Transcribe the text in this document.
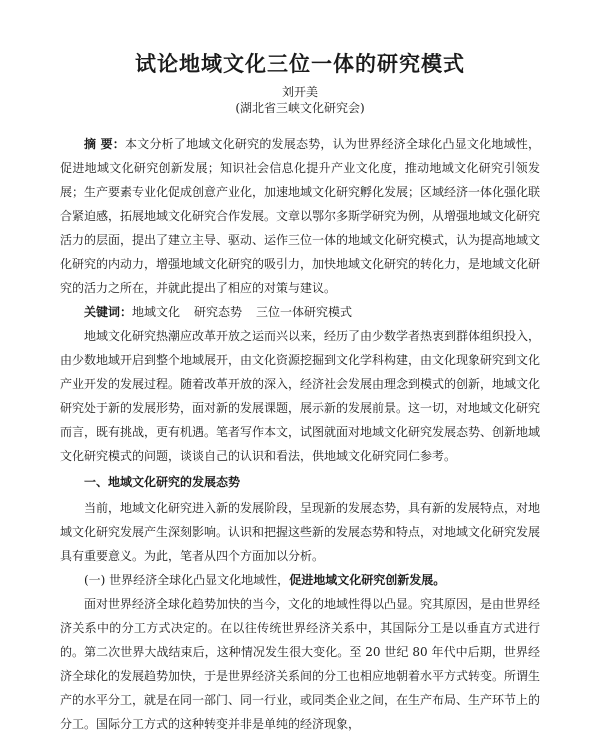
试论地域文化三位一体的研究模式

刘开美

(湖北省三峡文化研究会)

摘 要：本文分析了地域文化研究的发展态势，认为世界经济全球化凸显文化地域性，促进地域文化研究创新发展；知识社会信息化提升产业文化度，推动地域文化研究引领发展；生产要素专业化促成创意产业化，加速地域文化研究孵化发展；区域经济一体化强化联合紧迫感，拓展地域文化研究合作发展。文章以鄂尔多斯学研究为例，从增强地域文化研究活力的层面，提出了建立主导、驱动、运作三位一体的地域文化研究模式，认为提高地域文化研究的内动力，增强地域文化研究的吸引力，加快地域文化研究的转化力，是地域文化研究的活力之所在，并就此提出了相应的对策与建议。

关键词：地域文化 研究态势 三位一体研究模式

地域文化研究热潮应改革开放之运而兴以来，经历了由少数学者热衷到群体组织投入，由少数地域开启到整个地域展开，由文化资源挖掘到文化学科构建，由文化现象研究到文化产业开发的发展过程。随着改革开放的深入，经济社会发展由理念到模式的创新，地域文化研究处于新的发展形势，面对新的发展课题，展示新的发展前景。这一切，对地域文化研究而言，既有挑战，更有机遇。笔者写作本文，试图就面对地域文化研究发展态势、创新地域文化研究模式的问题，谈谈自己的认识和看法，供地域文化研究同仁参考。

一、地域文化研究的发展态势

当前，地域文化研究进入新的发展阶段，呈现新的发展态势，具有新的发展特点，对地域文化研究发展产生深刻影响。认识和把握这些新的发展态势和特点，对地域文化研究发展具有重要意义。为此，笔者从四个方面加以分析。

(一) 世界经济全球化凸显文化地域性，促进地域文化研究创新发展。

面对世界经济全球化趋势加快的当今，文化的地域性得以凸显。究其原因，是由世界经济关系中的分工方式决定的。在以往传统世界经济关系中，其国际分工是以垂直方式进行的。第二次世界大战结束后，这种情况发生很大变化。至 20 世纪 80 年代中后期，世界经济全球化的发展趋势加快，于是世界经济关系间的分工也相应地朝着水平方式转变。所谓生产的水平分工，就是在同一部门、同一行业，或同类企业之间，在生产布局、生产环节上的分工。国际分工方式的这种转变并非是单纯的经济现象，
